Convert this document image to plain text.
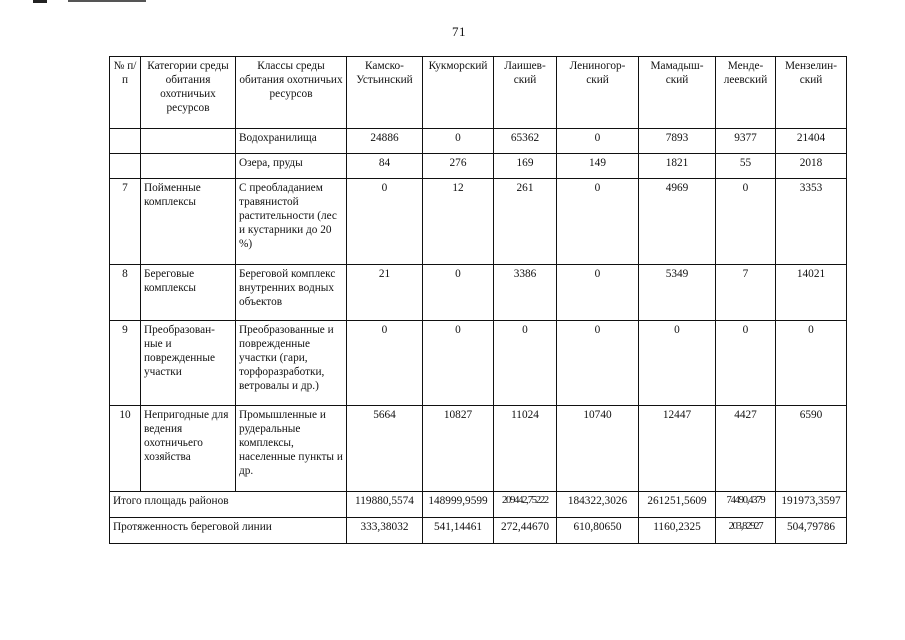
71
№ п/п	Категории среды обитания охотничьих ресурсов	Классы среды обитания охотничьих ресурсов	Камско-Устьинский	Кукморский	Лаишев-ский	Лениногор-ский	Мамадыш-ский	Менде-леевский	Мензелин-ский
		Водохранилища	24886	0	65362	0	7893	9377	21404
		Озера, пруды	84	276	169	149	1821	55	2018
7	Пойменные комплексы	С преобладанием травянистой растительности (лес и кустарники до 20 %)	0	12	261	0	4969	0	3353
8	Береговые комплексы	Береговой комплекс внутренних водных объектов	21	0	3386	0	5349	7	14021
9	Преобразован-ные и поврежденные участки	Преобразованные и поврежденные участки (гари, торфоразработки, ветровалы и др.)	0	0	0	0	0	0	0
10	Непригодные для ведения охотничьего хозяйства	Промышленные и рудеральные комплексы, населенные пункты и др.	5664	10827	11024	10740	12447	4427	6590
Итого площадь районов			119880,5574	148999,9599	209442,75222	184322,3026	261251,5609	74490,4379	191973,3597
Протяженность береговой линии			333,38032	541,14461	272,44670	610,80650	1160,2325	203,82927	504,79786
